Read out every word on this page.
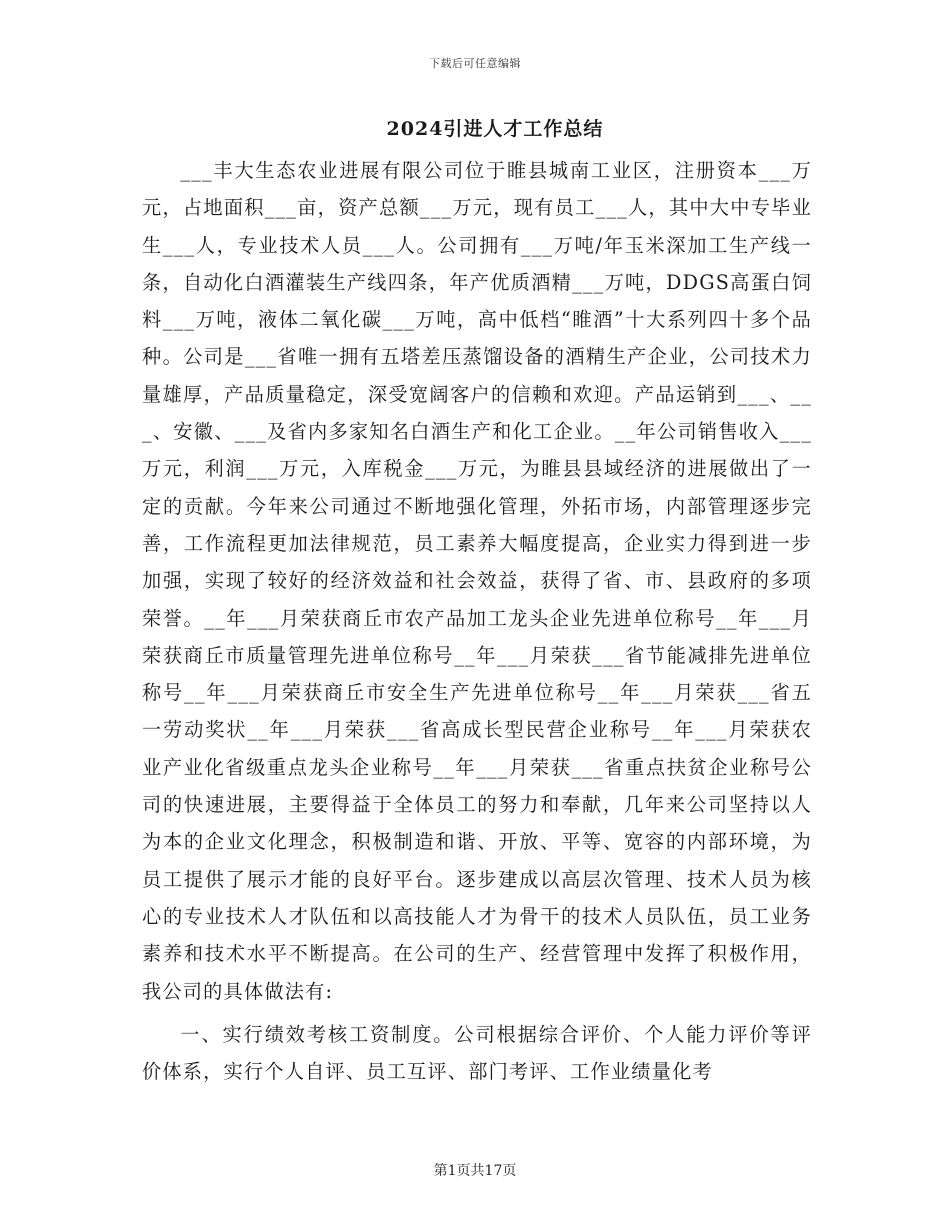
下载后可任意编辑
2024引进人才工作总结

___丰大生态农业进展有限公司位于睢县城南工业区，注册资本___万元，占地面积___亩，资产总额___万元，现有员工___人，其中大中专毕业生___人，专业技术人员___人。公司拥有___万吨/年玉米深加工生产线一条，自动化白酒灌装生产线四条，年产优质酒精___万吨，DDGS高蛋白饲料___万吨，液体二氧化碳___万吨，高中低档“睢酒”十大系列四十多个品种。公司是___省唯一拥有五塔差压蒸馏设备的酒精生产企业，公司技术力量雄厚，产品质量稳定，深受宽阔客户的信赖和欢迎。产品运销到___、___、安徽、___及省内多家知名白酒生产和化工企业。__年公司销售收入___万元，利润___万元，入库税金___万元，为睢县县域经济的进展做出了一定的贡献。今年来公司通过不断地强化管理，外拓市场，内部管理逐步完善，工作流程更加法律规范，员工素养大幅度提高，企业实力得到进一步加强，实现了较好的经济效益和社会效益，获得了省、市、县政府的多项荣誉。__年___月荣获商丘市农产品加工龙头企业先进单位称号__年___月荣获商丘市质量管理先进单位称号__年___月荣获___省节能减排先进单位称号__年___月荣获商丘市安全生产先进单位称号__年___月荣获___省五一劳动奖状__年___月荣获___省高成长型民营企业称号__年___月荣获农业产业化省级重点龙头企业称号__年___月荣获___省重点扶贫企业称号公司的快速进展，主要得益于全体员工的努力和奉献，几年来公司坚持以人为本的企业文化理念，积极制造和谐、开放、平等、宽容的内部环境，为员工提供了展示才能的良好平台。逐步建成以高层次管理、技术人员为核心的专业技术人才队伍和以高技能人才为骨干的技术人员队伍，员工业务素养和技术水平不断提高。在公司的生产、经营管理中发挥了积极作用，我公司的具体做法有:

一、实行绩效考核工资制度。公司根据综合评价、个人能力评价等评价体系，实行个人自评、员工互评、部门考评、工作业绩量化考

第1页共17页
